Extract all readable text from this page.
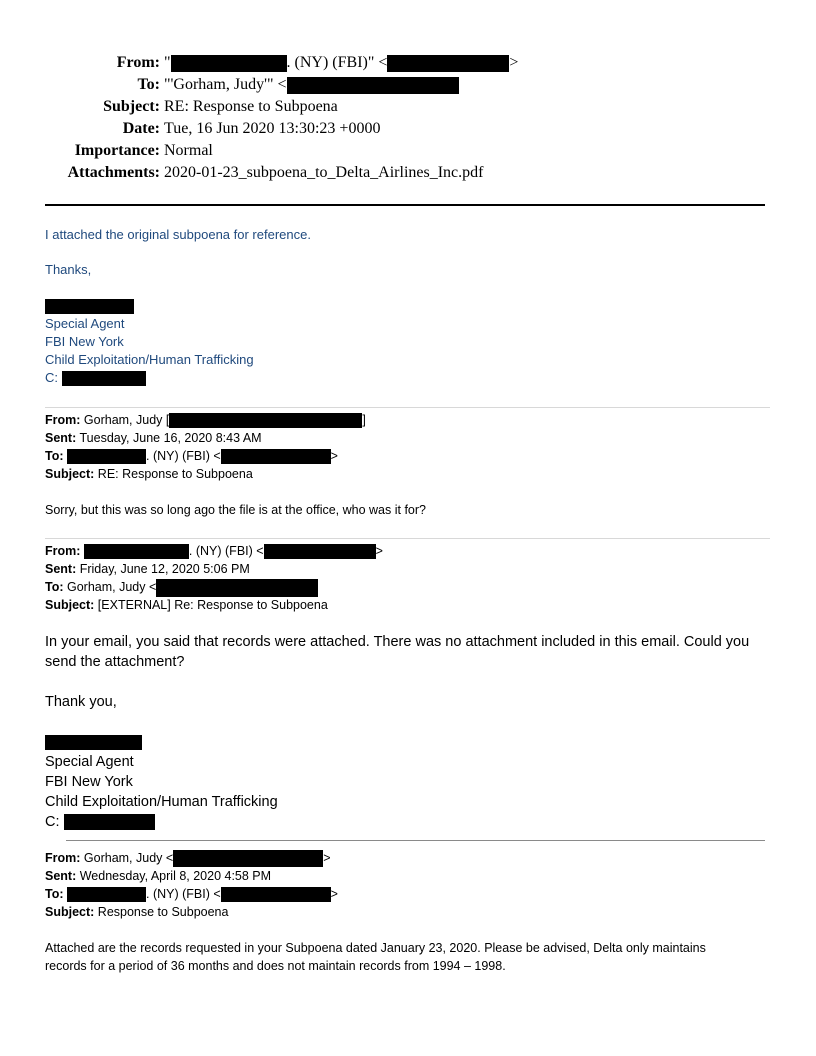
From: "	. (NY) (FBI)" <	>
To: "'Gorham, Judy'" <
Subject: RE: Response to Subpoena
Date: Tue, 16 Jun 2020 13:30:23 +0000
Importance: Normal
Attachments: 2020-01-23_subpoena_to_Delta_Airlines_Inc.pdf
I attached the original subpoena for reference.
Thanks,
Special Agent
FBI New York
Child Exploitation/Human Trafficking
C:
From: Gorham, Judy [	]
Sent: Tuesday, June 16, 2020 8:43 AM
To:	. (NY) (FBI) <	>
Subject: RE: Response to Subpoena
Sorry, but this was so long ago the file is at the office, who was it for?
From:	. (NY) (FBI) <	>
Sent: Friday, June 12, 2020 5:06 PM
To: Gorham, Judy <
Subject: [EXTERNAL] Re: Response to Subpoena
In your email, you said that records were attached. There was no attachment included in this email. Could you
send the attachment?
Thank you,
Special Agent
FBI New York
Child Exploitation/Human Trafficking
C:
From: Gorham, Judy <	>
Sent: Wednesday, April 8, 2020 4:58 PM
To:	. (NY) (FBI) <	>
Subject: Response to Subpoena
Attached are the records requested in your Subpoena dated January 23, 2020. Please be advised, Delta only maintains
records for a period of 36 months and does not maintain records from 1994 – 1998.
